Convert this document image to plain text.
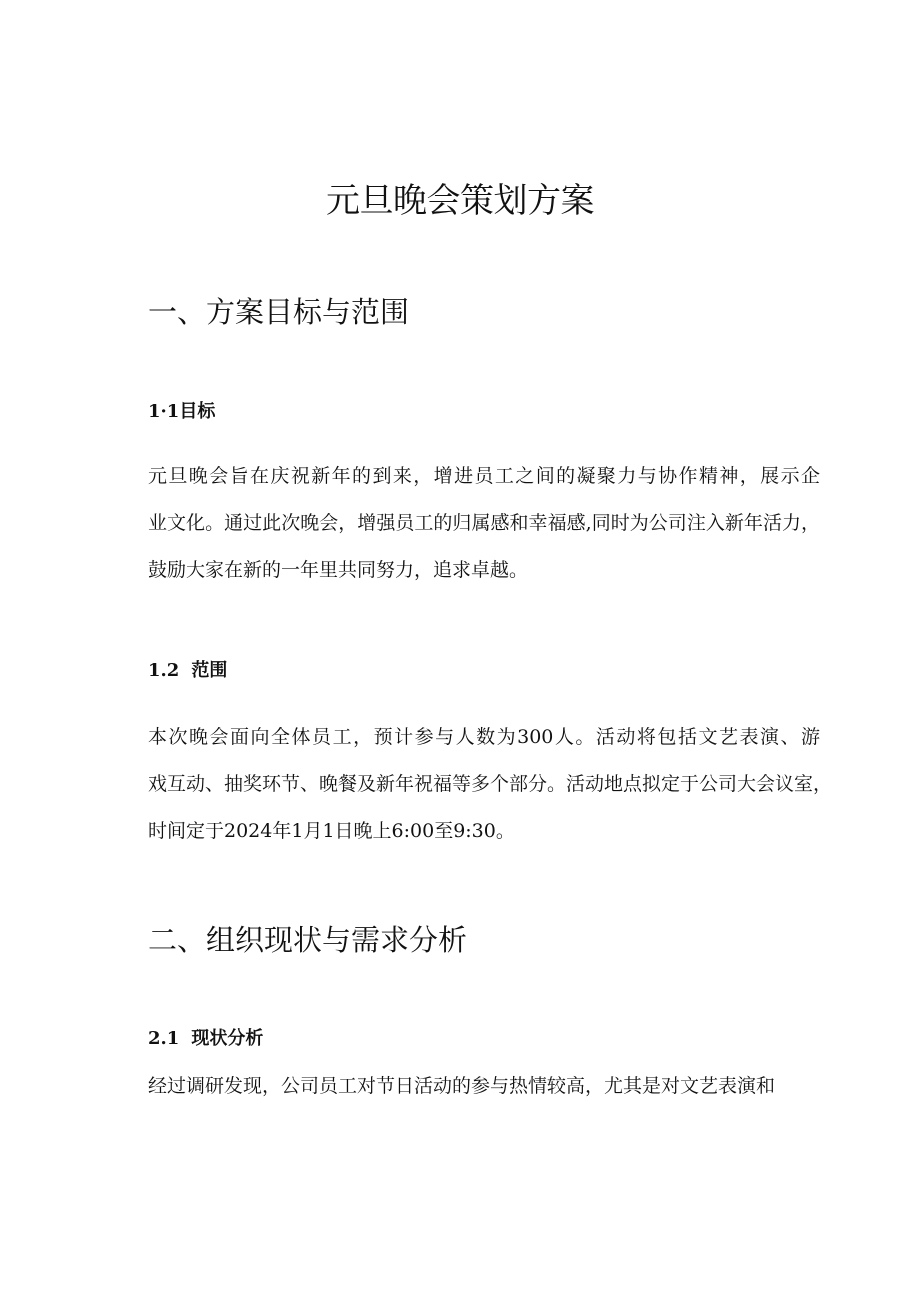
元旦晚会策划方案
一、方案目标与范围
1·1目标
元旦晚会旨在庆祝新年的到来，增进员工之间的凝聚力与协作精神，展示企
业文化。通过此次晚会，增强员工的归属感和幸福感,同时为公司注入新年活力，
鼓励大家在新的一年里共同努力，追求卓越。
1.2 范围
本次晚会面向全体员工，预计参与人数为300人。活动将包括文艺表演、游
戏互动、抽奖环节、晚餐及新年祝福等多个部分。活动地点拟定于公司大会议室，
时间定于2024年1月1日晚上6:00至9:30。
二、组织现状与需求分析
2.1 现状分析
经过调研发现，公司员工对节日活动的参与热情较高，尤其是对文艺表演和
